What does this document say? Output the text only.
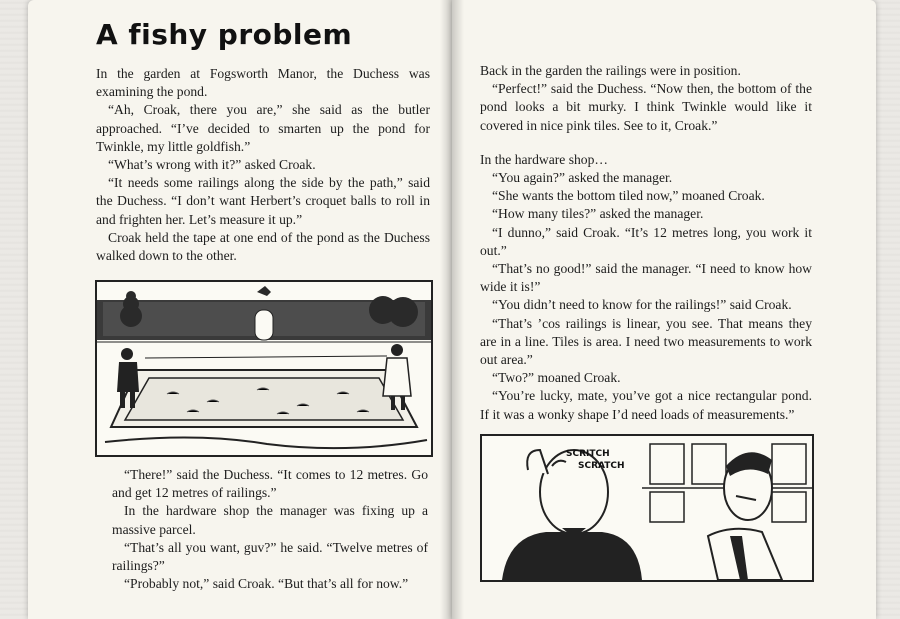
A fishy problem

In the garden at Fogsworth Manor, the Duchess was examining the pond.

“Ah, Croak, there you are,” she said as the butler approached. “I’ve decided to smarten up the pond for Twinkle, my little goldfish.”

“What’s wrong with it?” asked Croak.

“It needs some railings along the side by the path,” said the Duchess. “I don’t want Herbert’s croquet balls to roll in and frighten her. Let’s measure it up.”

Croak held the tape at one end of the pond as the Duchess walked down to the other.

“There!” said the Duchess. “It comes to 12 metres. Go and get 12 metres of railings.”

In the hardware shop the manager was fixing up a massive parcel.

“That’s all you want, guv?” he said. “Twelve metres of railings?”

“Probably not,” said Croak. “But that’s all for now.”

Back in the garden the railings were in position.

“Perfect!” said the Duchess. “Now then, the bottom of the pond looks a bit murky. I think Twinkle would like it covered in nice pink tiles. See to it, Croak.”

In the hardware shop…

“You again?” asked the manager.

“She wants the bottom tiled now,” moaned Croak.

“How many tiles?” asked the manager.

“I dunno,” said Croak. “It’s 12 metres long, you work it out.”

“That’s no good!” said the manager. “I need to know how wide it is!”

“You didn’t need to know for the railings!” said Croak.

“That’s ’cos railings is linear, you see. That means they are in a line. Tiles is area. I need two measurements to work out area.”

“Two?” moaned Croak.

“You’re lucky, mate, you’ve got a nice rectangular pond. If it was a wonky shape I’d need loads of measurements.”

SCRITCH
SCRATCH
